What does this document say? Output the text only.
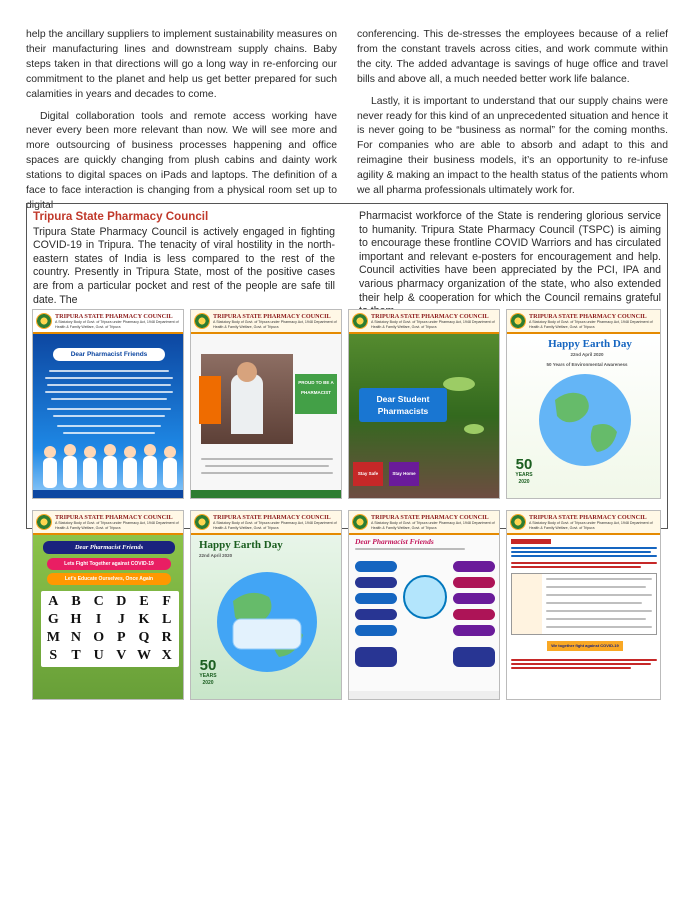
help the ancillary suppliers to implement sustainability measures on their manufacturing lines and downstream supply chains. Baby steps taken in that directions will go a long way in re-enforcing our commitment to the planet and help us get better prepared for such calamities in years and decades to come.

Digital collaboration tools and remote access working have never every been more relevant than now. We will see more and more outsourcing of business processes happening and office spaces are quickly changing from plush cabins and dainty work stations to digital spaces on iPads and laptops. The definition of a face to face interaction is changing from a physical room set up to digital

conferencing. This de-stresses the employees because of a relief from the constant travels across cities, and work commute within the city. The added advantage is savings of huge office and travel bills and above all, a much needed better work life balance.

Lastly, it is important to understand that our supply chains were never ready for this kind of an unprecedented situation and hence it is never going to be “business as normal” for the coming months. For companies who are able to absorb and adapt to this and reimagine their business models, it’s an opportunity to re-infuse agility & making an impact to the health status of the patients whom we all pharma professionals ultimately work for.

Tripura State Pharmacy Council
Tripura State Pharmacy Council is actively engaged in fighting COVID-19 in Tripura. The tenacity of viral hostility in the north-eastern states of India is less compared to the rest of the country. Presently in Tripura State, most of the positive cases are from a particular pocket and rest of the people are safe till date. The
Pharmacist workforce of the State is rendering glorious service to humanity. Tripura State Pharmacy Council (TSPC) is aiming to encourage these frontline COVID Warriors and has circulated important and relevant e-posters for encouragement and help. Council activities have been appreciated by the PCI, IPA and various pharmacy organization of the state, who also extended their help & cooperation for which the Council remains grateful
TRIPURA STATE PHARMACY COUNCIL
A Statutory Body of Govt. of Tripura under Pharmacy Act, 1948 Department of Health & Family Welfare, Govt. of Tripura
Dear Pharmacist Friends
TRIPURA STATE PHARMACY COUNCIL
A Statutory Body of Govt. of Tripura under Pharmacy Act, 1948 Department of Health & Family Welfare, Govt. of Tripura
PROUD TO BE A PHARMACIST
TRIPURA STATE PHARMACY COUNCIL
A Statutory Body of Govt. of Tripura under Pharmacy Act, 1948 Department of Health & Family Welfare, Govt. of Tripura
Dear Student Pharmacists
Stay Safe	Stay Home
TRIPURA STATE PHARMACY COUNCIL
A Statutory Body of Govt. of Tripura under Pharmacy Act, 1948 Department of Health & Family Welfare, Govt. of Tripura
Happy Earth Day
22nd April 2020
50 Years of Environmental Awareness
50
YEARS
2020
TRIPURA STATE PHARMACY COUNCIL
A Statutory Body of Govt. of Tripura under Pharmacy Act, 1948 Department of Health & Family Welfare, Govt. of Tripura
Dear Pharmacist Friends
Lets Fight Together against COVID-19
Let's Educate Ourselves, Once Again
A B C D E F
G H	I	J K L
M N O P Q R
S	T U V W X
TRIPURA STATE PHARMACY COUNCIL
A Statutory Body of Govt. of Tripura under Pharmacy Act, 1948 Department of Health & Family Welfare, Govt. of Tripura
Happy Earth Day
22nd April 2020
50
YEARS
2020
TRIPURA STATE PHARMACY COUNCIL
A Statutory Body of Govt. of Tripura under Pharmacy Act, 1948 Department of Health & Family Welfare, Govt. of Tripura
Dear Pharmacist Friends
TRIPURA STATE PHARMACY COUNCIL
A Statutory Body of Govt. of Tripura under Pharmacy Act, 1948 Department of Health & Family Welfare, Govt. of Tripura
We together fight against COVID-19
